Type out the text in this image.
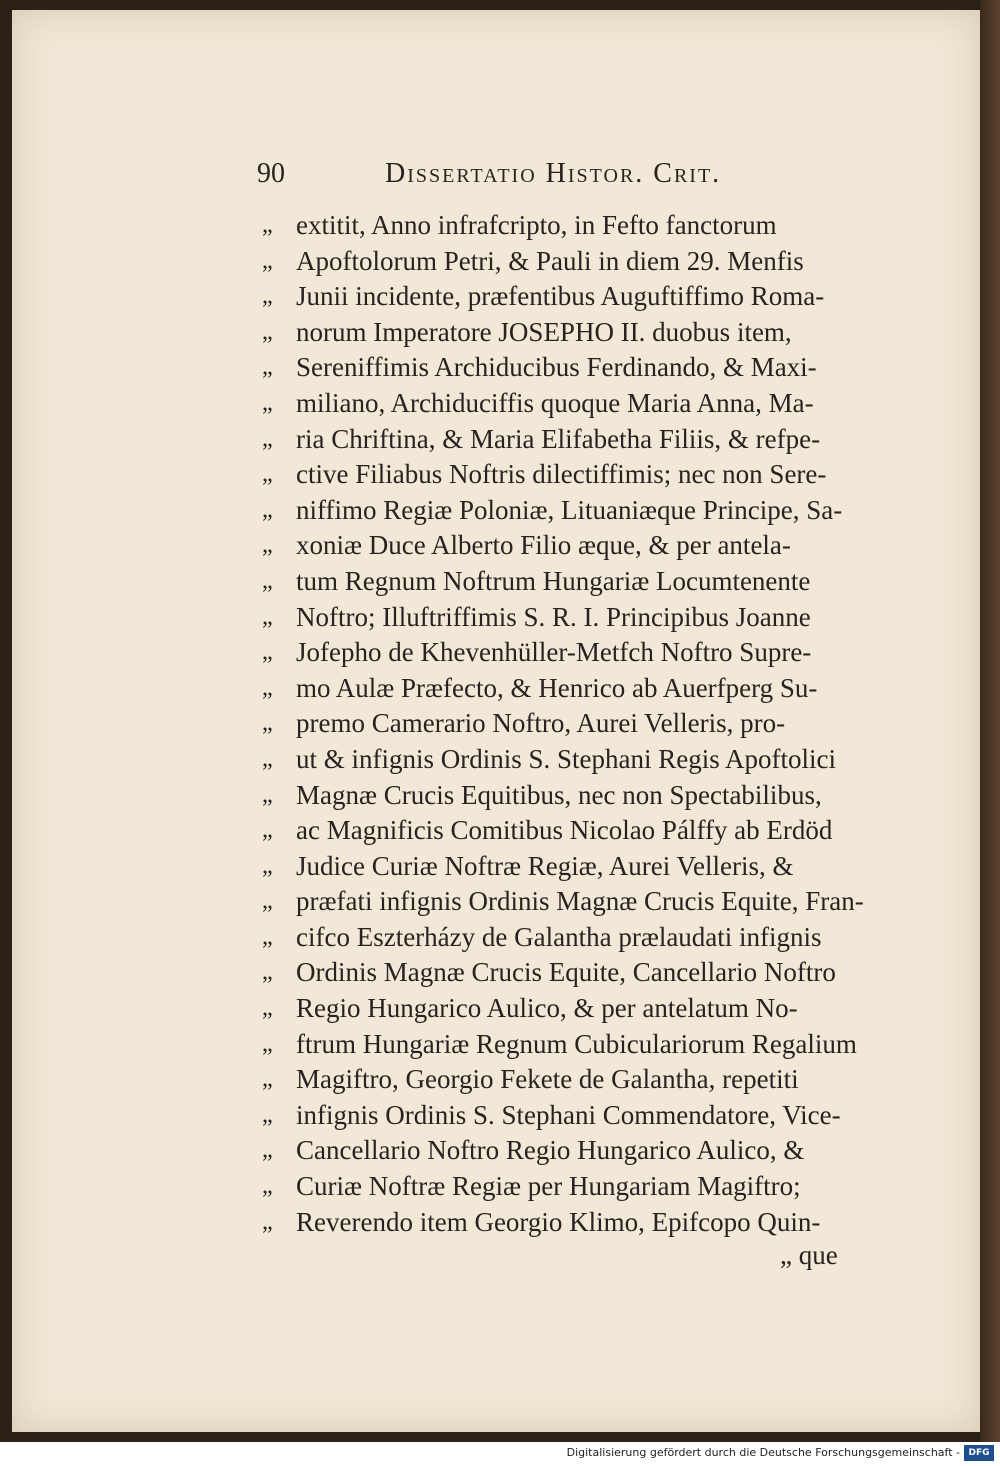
90	Dissertatio Histor. Crit.
„ extitit, Anno infrafcripto, in Fefto fanctorum
„ Apoftolorum Petri, & Pauli in diem 29. Menfis
„ Junii incidente, præfentibus Auguftiffimo Roma-
„ norum Imperatore JOSEPHO II. duobus item,
„ Sereniffimis Archiducibus Ferdinando, & Maxi-
„ miliano, Archiduciffis quoque Maria Anna, Ma-
„ ria Chriftina, & Maria Elifabetha Filiis, & refpe-
„ ctive Filiabus Noftris dilectiffimis; nec non Sere-
„ niffimo Regiæ Poloniæ, Lituaniæque Principe, Sa-
„ xoniæ Duce Alberto Filio æque, & per antela-
„ tum Regnum Noftrum Hungariæ Locumtenente
„ Noftro; Illuftriffimis S. R. I. Principibus Joanne
„ Jofepho de Khevenhüller-Metfch Noftro Supre-
„ mo Aulæ Præfecto, & Henrico ab Auerfperg Su-
„ premo Camerario Noftro, Aurei Velleris, pro-
„ ut & infignis Ordinis S. Stephani Regis Apoftolici
„ Magnæ Crucis Equitibus, nec non Spectabilibus,
„ ac Magnificis Comitibus Nicolao Pálffy ab Erdöd
„ Judice Curiæ Noftræ Regiæ, Aurei Velleris, &
„ præfati infignis Ordinis Magnæ Crucis Equite, Fran-
„ cifco Eszterházy de Galantha prælaudati infignis
„ Ordinis Magnæ Crucis Equite, Cancellario Noftro
„ Regio Hungarico Aulico, & per antelatum No-
„ ftrum Hungariæ Regnum Cubiculariorum Regalium
„ Magiftro, Georgio Fekete de Galantha, repetiti
„ infignis Ordinis S. Stephani Commendatore, Vice-
„ Cancellario Noftro Regio Hungarico Aulico, &
„ Curiæ Noftræ Regiæ per Hungariam Magiftro;
„ Reverendo item Georgio Klimo, Epifcopo Quin-
„ que
Digitalisierung gefördert durch die Deutsche Forschungsgemeinschaft - DFG
